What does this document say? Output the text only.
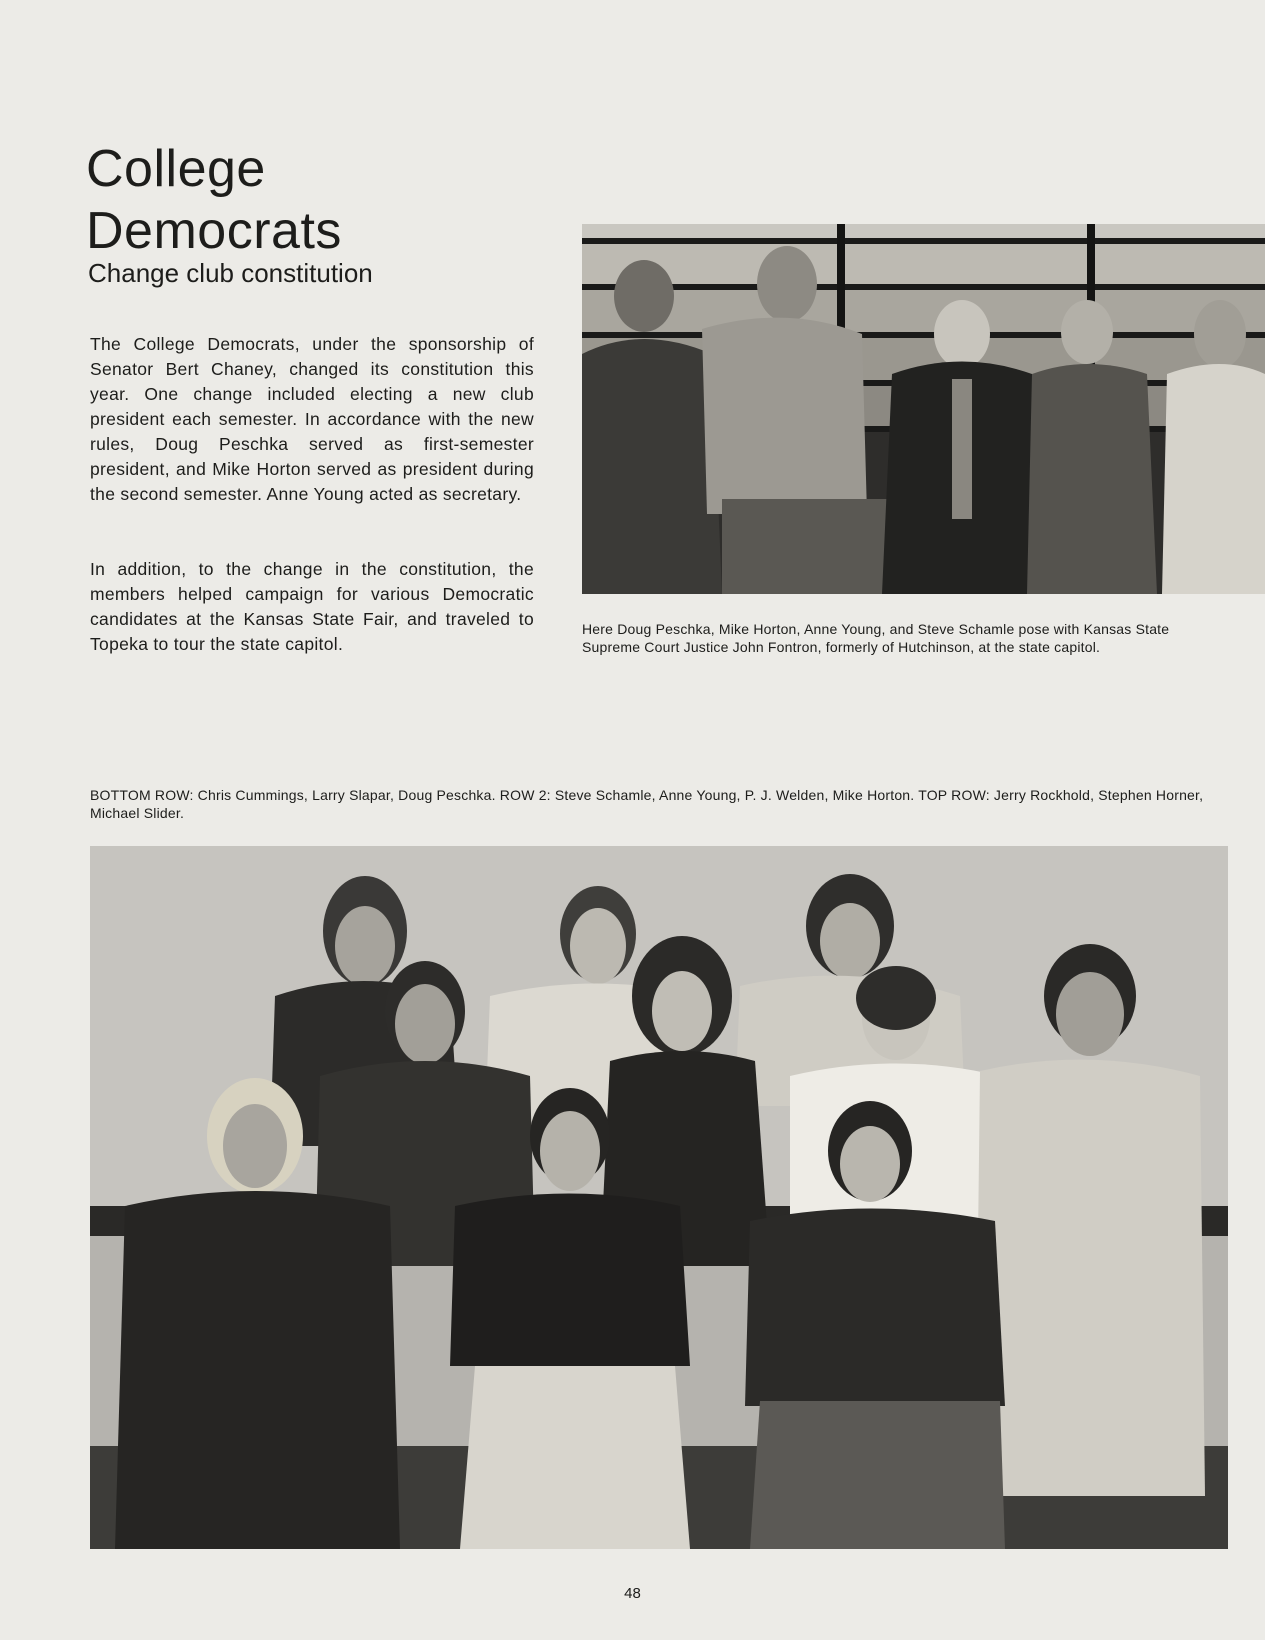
College Democrats
Change club constitution

The College Democrats, under the sponsorship of Senator Bert Chaney, changed its constitution this year. One change included electing a new club president each semester. In accordance with the new rules, Doug Peschka served as first-semester president, and Mike Horton served as president during the second semester. Anne Young acted as secretary.

In addition, to the change in the constitution, the members helped campaign for various Democratic candidates at the Kansas State Fair, and traveled to Topeka to tour the state capitol.

Here Doug Peschka, Mike Horton, Anne Young, and Steve Schamle pose with Kansas State Supreme Court Justice John Fontron, formerly of Hutchinson, at the state capitol.

BOTTOM ROW: Chris Cummings, Larry Slapar, Doug Peschka. ROW 2: Steve Schamle, Anne Young, P. J. Welden, Mike Horton. TOP ROW: Jerry Rockhold, Stephen Horner, Michael Slider.

48
